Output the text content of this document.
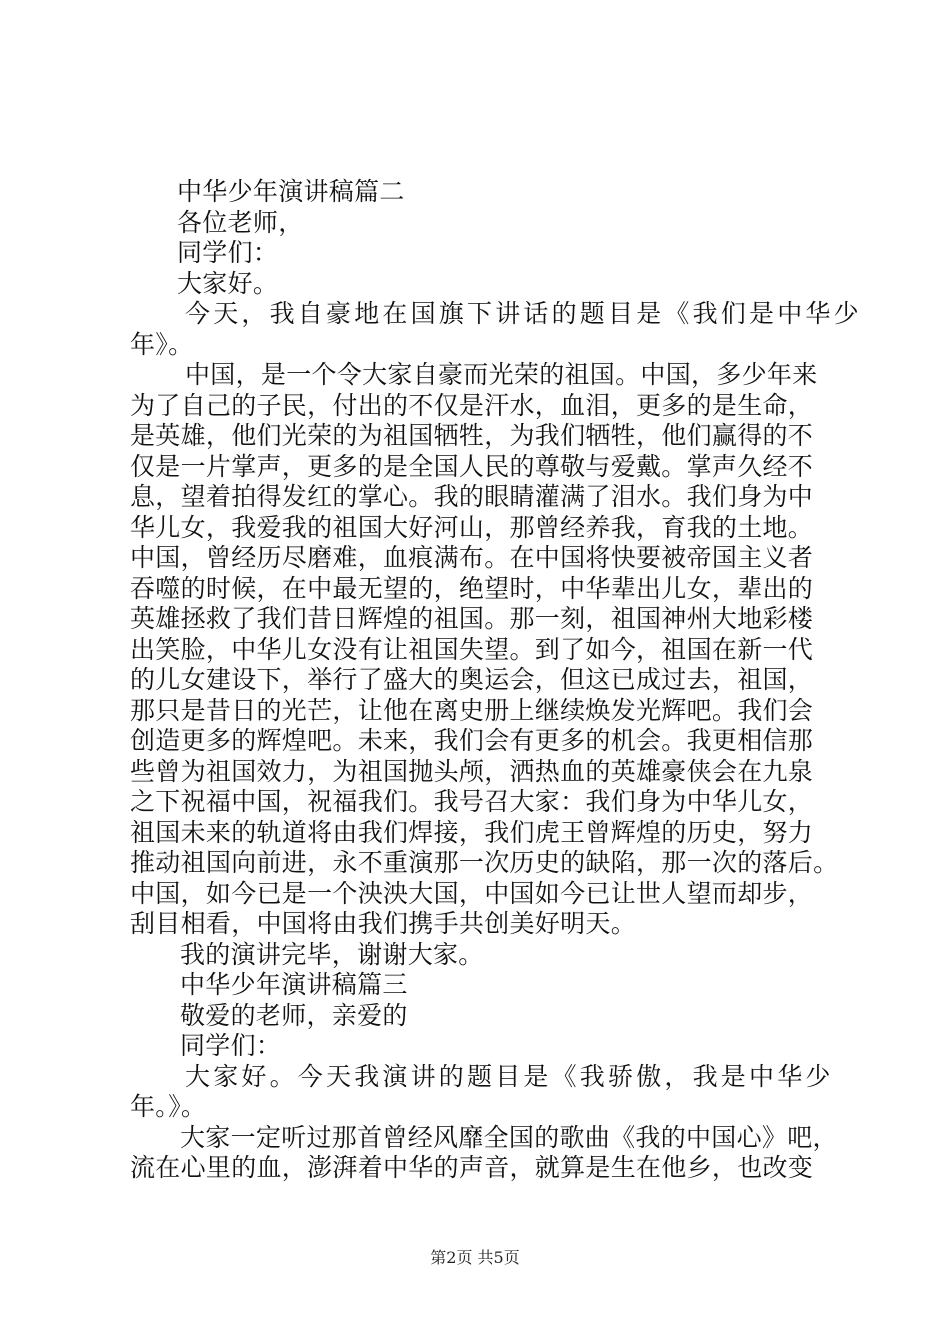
中华少年演讲稿篇二
各位老师，
同学们：
大家好。
今天，我自豪地在国旗下讲话的题目是《我们是中华少
年》。
中国，是一个令大家自豪而光荣的祖国。中国，多少年来
为了自己的子民，付出的不仅是汗水，血泪，更多的是生命，
是英雄，他们光荣的为祖国牺牲，为我们牺牲，他们赢得的不
仅是一片掌声，更多的是全国人民的尊敬与爱戴。掌声久经不
息，望着拍得发红的掌心。我的眼睛灌满了泪水。我们身为中
华儿女，我爱我的祖国大好河山，那曾经养我，育我的土地。
中国，曾经历尽磨难，血痕满布。在中国将快要被帝国主义者
吞噬的时候，在中最无望的，绝望时，中华辈出儿女，辈出的
英雄拯救了我们昔日辉煌的祖国。那一刻，祖国神州大地彩楼
出笑脸，中华儿女没有让祖国失望。到了如今，祖国在新一代
的儿女建设下，举行了盛大的奥运会，但这已成过去，祖国，
那只是昔日的光芒，让他在离史册上继续焕发光辉吧。我们会
创造更多的辉煌吧。未来，我们会有更多的机会。我更相信那
些曾为祖国效力，为祖国抛头颅，洒热血的英雄豪侠会在九泉
之下祝福中国，祝福我们。我号召大家：我们身为中华儿女，
祖国未来的轨道将由我们焊接，我们虎王曾辉煌的历史，努力
推动祖国向前进，永不重演那一次历史的缺陷，那一次的落后。
中国，如今已是一个泱泱大国，中国如今已让世人望而却步，
刮目相看，中国将由我们携手共创美好明天。
我的演讲完毕，谢谢大家。
中华少年演讲稿篇三
敬爱的老师，亲爱的
同学们：
大家好。今天我演讲的题目是《我骄傲，我是中华少
年。》。
大家一定听过那首曾经风靡全国的歌曲《我的中国心》吧，
流在心里的血，澎湃着中华的声音，就算是生在他乡，也改变
第2页 共5页
